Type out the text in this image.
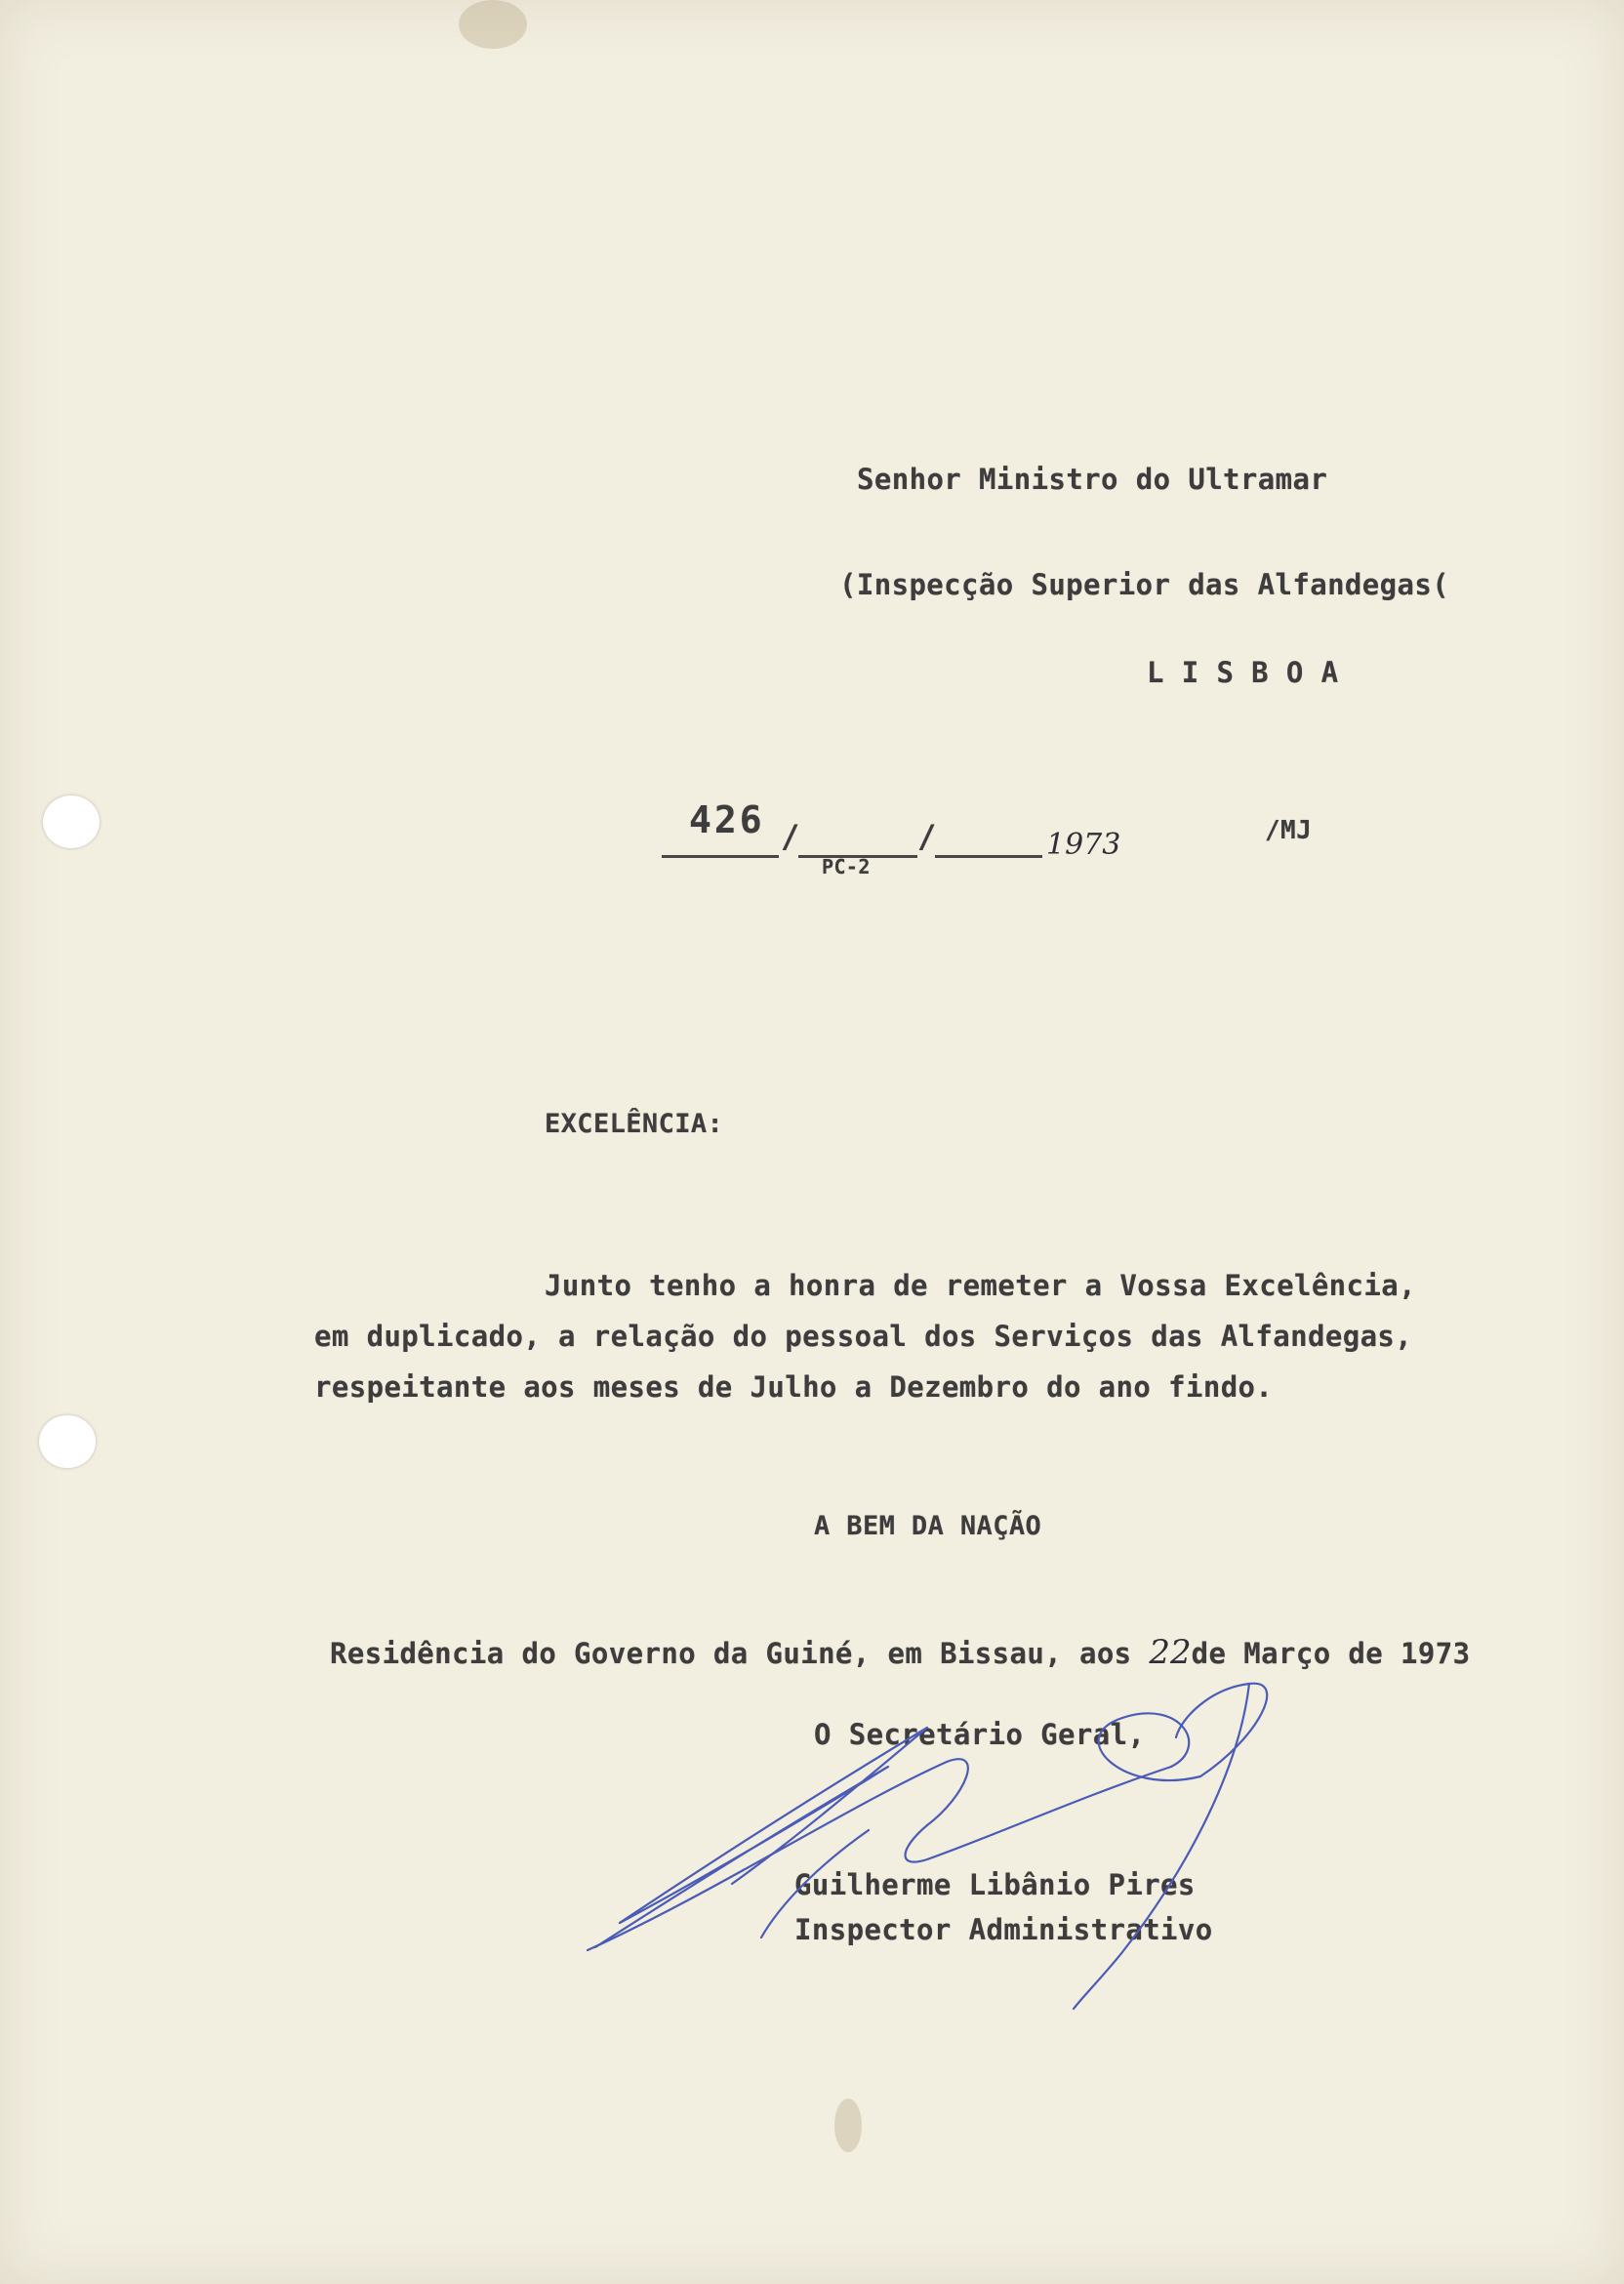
Senhor Ministro do Ultramar
(Inspecção Superior das Alfandegas(
L I S B O A
426 /
PC-2
/	1973	/MJ
EXCELÊNCIA:
Junto tenho a honra de remeter a Vossa Excelência,
em duplicado, a relação do pessoal dos Serviços das Alfandegas,
respeitante aos meses de Julho a Dezembro do ano findo.
A BEM DA NAÇÃO

Residência do Governo da Guiné, em Bissau, aos 22de Março de 1973

O Secretário Geral,
Guilherme Libânio Pires
Inspector Administrativo
